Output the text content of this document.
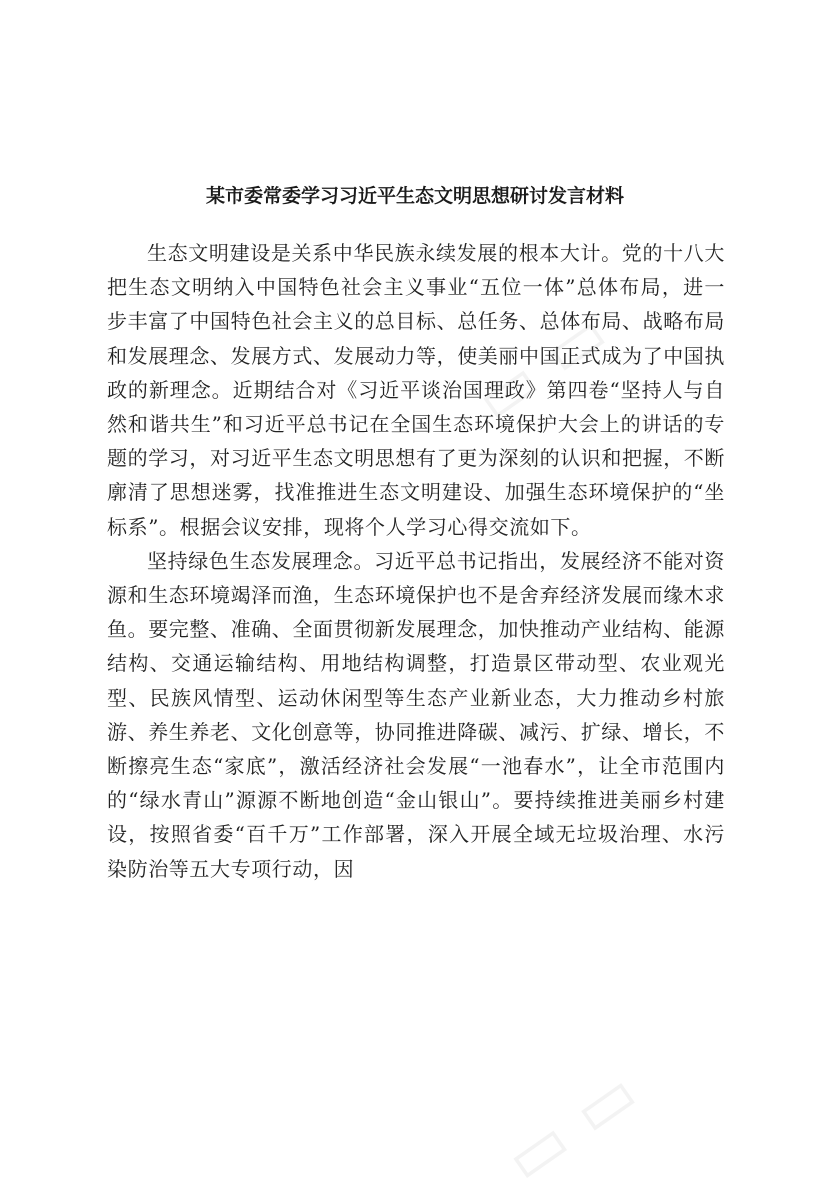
▭ ▭
▭ ▭
某市委常委学习习近平生态文明思想研讨发言材料

生态文明建设是关系中华民族永续发展的根本大计。党的十八大把生态文明纳入中国特色社会主义事业“五位一体”总体布局，进一步丰富了中国特色社会主义的总目标、总任务、总体布局、战略布局和发展理念、发展方式、发展动力等，使美丽中国正式成为了中国执政的新理念。近期结合对《习近平谈治国理政》第四卷“坚持人与自然和谐共生”和习近平总书记在全国生态环境保护大会上的讲话的专题的学习，对习近平生态文明思想有了更为深刻的认识和把握，不断廓清了思想迷雾，找准推进生态文明建设、加强生态环境保护的“坐标系”。根据会议安排，现将个人学习心得交流如下。

坚持绿色生态发展理念。习近平总书记指出，发展经济不能对资源和生态环境竭泽而渔，生态环境保护也不是舍弃经济发展而缘木求鱼。要完整、准确、全面贯彻新发展理念，加快推动产业结构、能源结构、交通运输结构、用地结构调整，打造景区带动型、农业观光型、民族风情型、运动休闲型等生态产业新业态，大力推动乡村旅游、养生养老、文化创意等，协同推进降碳、减污、扩绿、增长，不断擦亮生态“家底”，激活经济社会发展“一池春水”，让全市范围内的“绿水青山”源源不断地创造“金山银山”。要持续推进美丽乡村建设，按照省委“百千万”工作部署，深入开展全域无垃圾治理、水污染防治等五大专项行动，因
